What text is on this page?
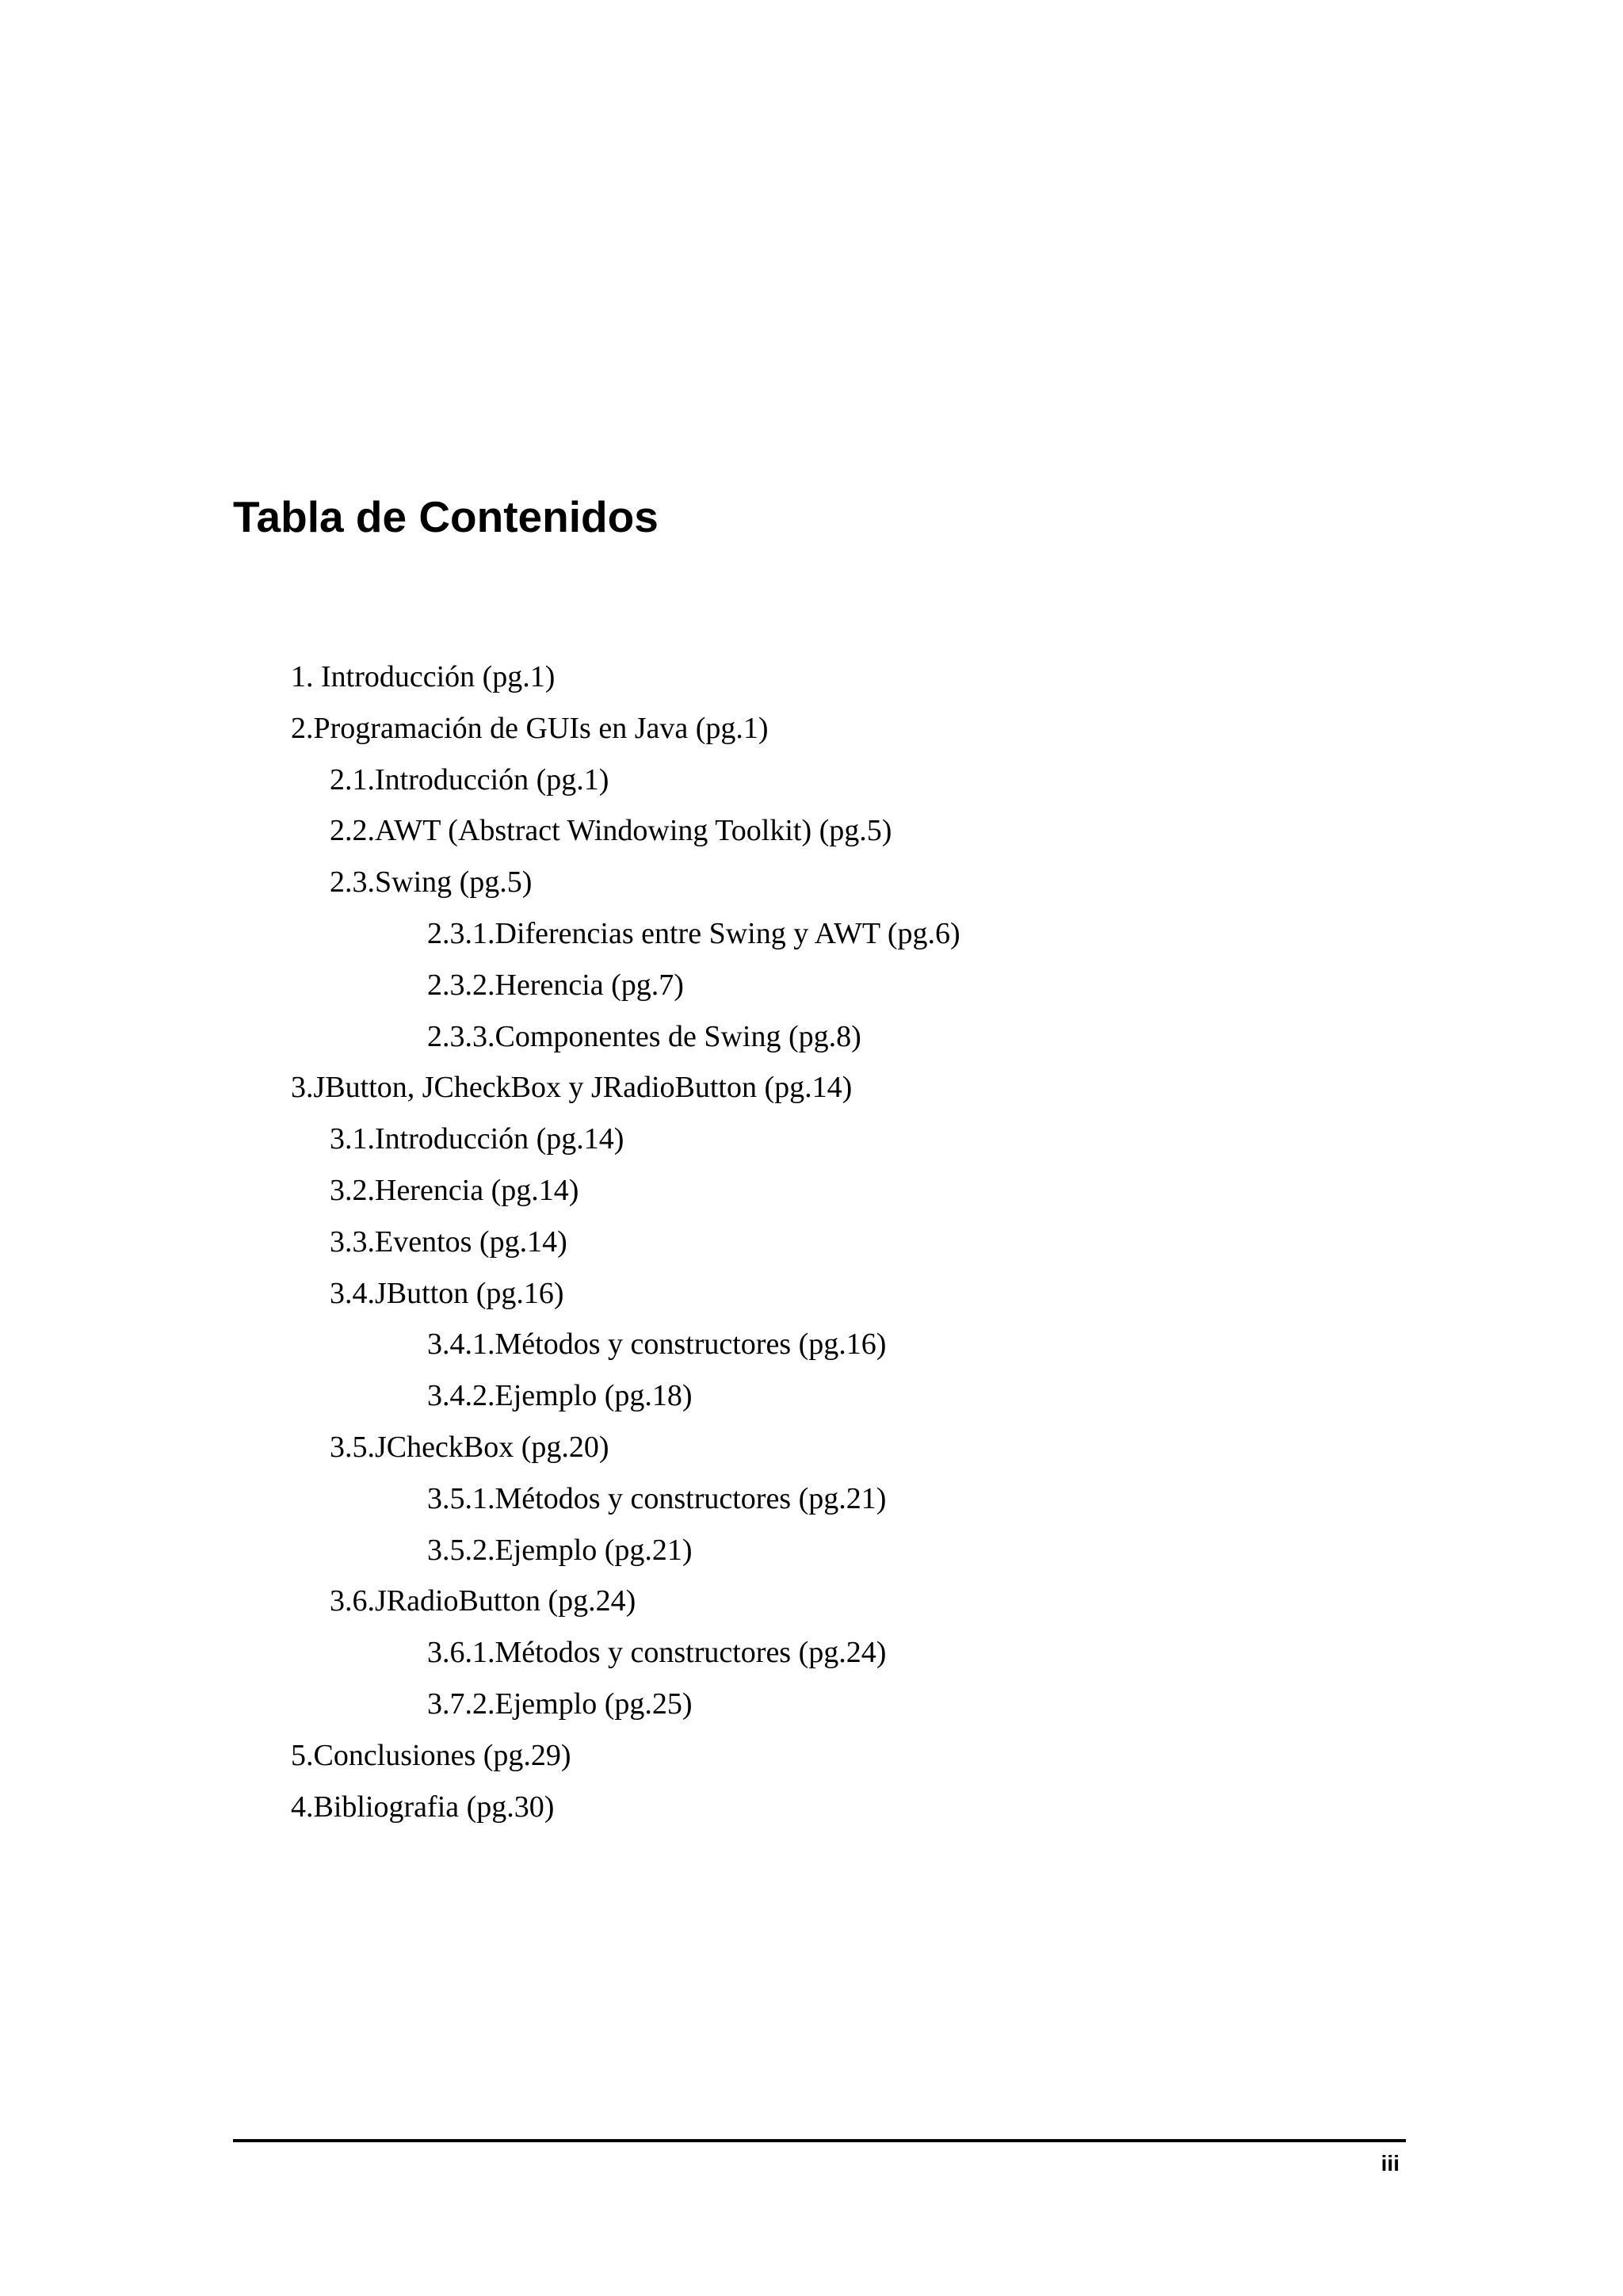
Tabla de Contenidos
1. Introducción (pg.1)
2.Programación de GUIs en Java (pg.1)
2.1.Introducción (pg.1)
2.2.AWT (Abstract Windowing Toolkit) (pg.5)
2.3.Swing (pg.5)
2.3.1.Diferencias entre Swing y AWT (pg.6)
2.3.2.Herencia (pg.7)
2.3.3.Componentes de Swing (pg.8)
3.JButton, JCheckBox y JRadioButton (pg.14)
3.1.Introducción (pg.14)
3.2.Herencia (pg.14)
3.3.Eventos (pg.14)
3.4.JButton (pg.16)
3.4.1.Métodos y constructores (pg.16)
3.4.2.Ejemplo (pg.18)
3.5.JCheckBox (pg.20)
3.5.1.Métodos y constructores (pg.21)
3.5.2.Ejemplo (pg.21)
3.6.JRadioButton (pg.24)
3.6.1.Métodos y constructores (pg.24)
3.7.2.Ejemplo (pg.25)
5.Conclusiones (pg.29)
4.Bibliografia (pg.30)
iii
